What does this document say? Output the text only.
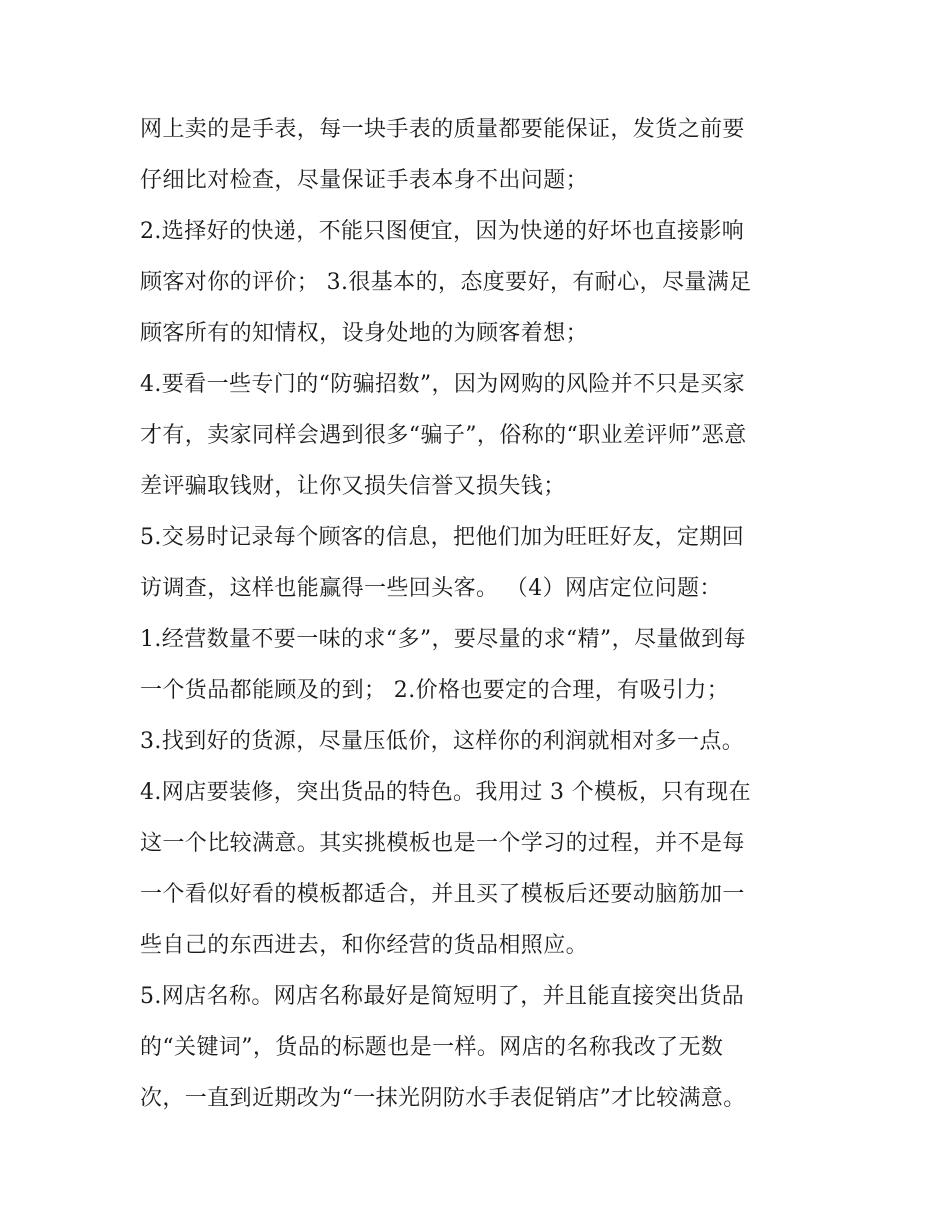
网上卖的是手表，每一块手表的质量都要能保证，发货之前要
仔细比对检查，尽量保证手表本身不出问题；
2.选择好的快递，不能只图便宜，因为快递的好坏也直接影响
顾客对你的评价； 3.很基本的，态度要好，有耐心，尽量满足
顾客所有的知情权，设身处地的为顾客着想；
4.要看一些专门的“防骗招数”，因为网购的风险并不只是买家
才有，卖家同样会遇到很多“骗子”，俗称的“职业差评师”恶意
差评骗取钱财，让你又损失信誉又损失钱；
5.交易时记录每个顾客的信息，把他们加为旺旺好友，定期回
访调查，这样也能赢得一些回头客。 （4）网店定位问题：
1.经营数量不要一味的求“多”，要尽量的求“精”，尽量做到每
一个货品都能顾及的到； 2.价格也要定的合理，有吸引力；
3.找到好的货源，尽量压低价，这样你的利润就相对多一点。
4.网店要装修，突出货品的特色。我用过 3 个模板，只有现在
这一个比较满意。其实挑模板也是一个学习的过程，并不是每
一个看似好看的模板都适合，并且买了模板后还要动脑筋加一
些自己的东西进去，和你经营的货品相照应。
5.网店名称。网店名称最好是简短明了，并且能直接突出货品
的“关键词”，货品的标题也是一样。网店的名称我改了无数
次，一直到近期改为“一抹光阴防水手表促销店”才比较满意。
